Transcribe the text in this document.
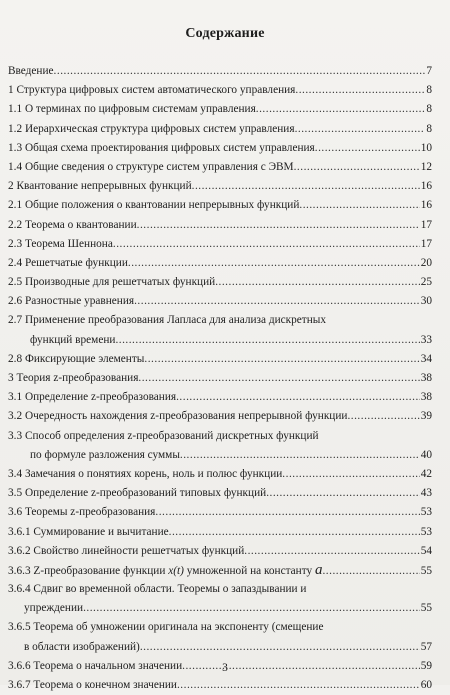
Содержание
Введение .....	7
1 Структура цифровых систем автоматического управления .....	8
1.1 О терминах по цифровым системам управления .....	8
1.2 Иерархическая структура цифровых систем управления .....	8
1.3 Общая схема проектирования цифровых систем управления .....	10
1.4 Общие сведения о структуре систем управления с ЭВМ .....	12
2 Квантование непрерывных функций .....	16
2.1 Общие положения о квантовании непрерывных функций .....	16
2.2 Теорема о квантовании .....	17
2.3 Теорема Шеннона .....	17
2.4 Решетчатые функции .....	20
2.5 Производные для решетчатых функций .....	25
2.6 Разностные уравнения .....	30
2.7 Применение преобразования Лапласа для анализа дискретных
функций времени .....	33
2.8 Фиксирующие элементы .....	34
3 Теория z-преобразования .....	38
3.1 Определение z-преобразования .....	38
3.2 Очередность нахождения z-преобразования непрерывной функции .....	39
3.3 Способ определения z-преобразований дискретных функций
по формуле разложения суммы .....	40
3.4 Замечания о понятиях корень, ноль и полюс функции .....	42
3.5 Определение z-преобразований типовых функций .....	43
3.6 Теоремы z-преобразования .....	53
3.6.1 Суммирование и вычитание .....	53
3.6.2 Свойство линейности решетчатых функций .....	54
3.6.3 Z-преобразование функции x(t) умноженной на константу a .....	55
3.6.4 Сдвиг во временной области. Теоремы о запаздывании и
упреждении .....	55
3.6.5 Теорема об умножении оригинала на экспоненту (смещение
в области изображений) .....	57
3.6.6 Теорема о начальном значении .....	59
3.6.7 Теорема о конечном значении .....	60
3
